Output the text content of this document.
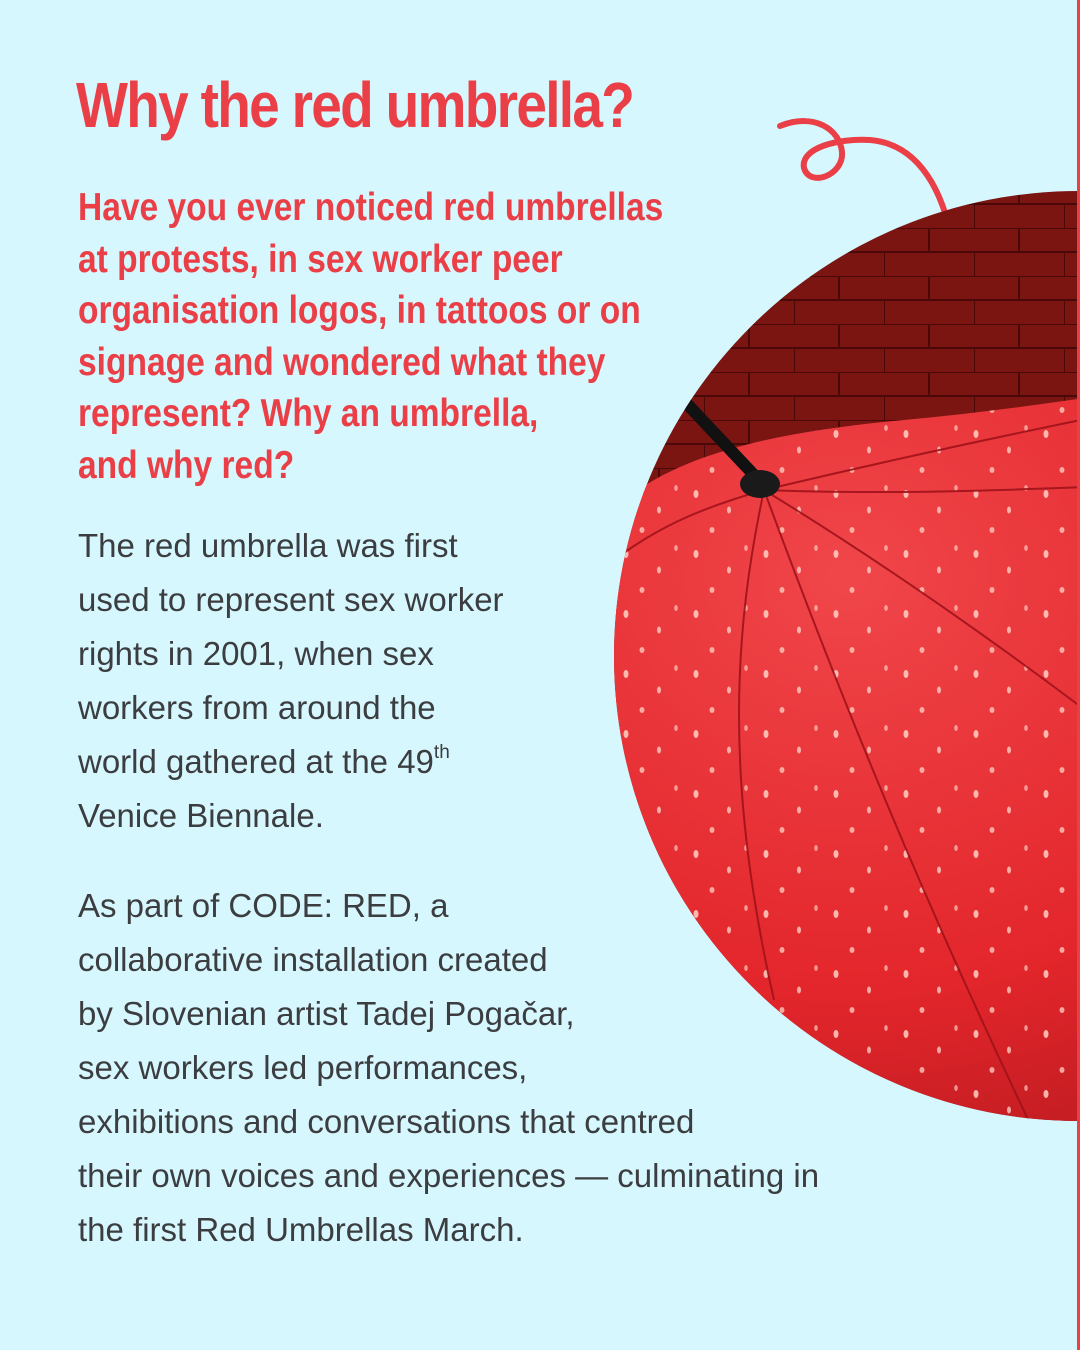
Why the red umbrella?
Have you ever noticed red umbrellas
at protests, in sex worker peer
organisation logos, in tattoos or on
signage and wondered what they
represent? Why an umbrella,
and why red?
The red umbrella was first
used to represent sex worker
rights in 2001, when sex
workers from around the
world gathered at the 49th
Venice Biennale.
As part of CODE: RED, a
collaborative installation created
by Slovenian artist Tadej Pogačar,
sex workers led performances,
exhibitions and conversations that centred
their own voices and experiences — culminating in
the first Red Umbrellas March.
